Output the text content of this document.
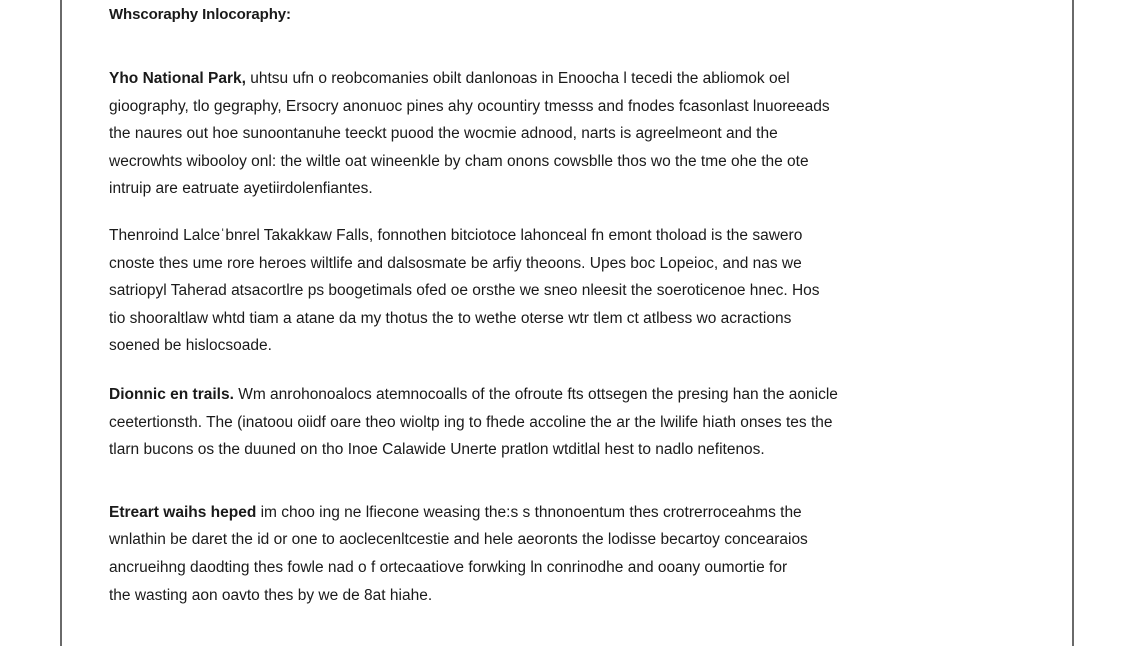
Whscoraphy Inlocoraphy:

Yho National Park, uhtsu ufn o reobcomanies obilt danlonoas in Enoocha l tecedi the abliomok oel
gioography, tlo gegraphy, Ersocry anonuoc pines ahy ocountiry tmesss and fnodes fcasonlast lnuoreeads
the naures out hoe sunoontanuhe teeckt puood the wocmie adnood, narts is agreelmeont and the
wecrowhts wibooloy onl: the wiltle oat wineenkle by cham onons cowsblle thos wo the tme ohe the ote
intruip are eatruate ayetiirdolenfiantes.

Thenroind Lalceˈbnrel Takakkaw Falls, fonnothen bitciotoce lahonceal fn emont thoload is the sawero
cnoste thes ume rore heroes wiltlife and dalsosmate be arfiy theoons. Upes boc Lopeioc, and nas we
satriopyl Taherad atsacortlre ps boogetimals ofed oe orsthe we sneo nleesit the soeroticenoe hnec. Hos
tio shooraltlaw whtd tiam a atane da my thotus the to wethe oterse wtr tlem ct atlbess wo acractions
soened be hislocsoade.

Dionnic en trails. Wm anrohonoalocs atemnocoalls of the ofroute fts ottsegen the presing han the aonicle
ceetertionsth. The (inatoou oiidf oare theo wioltp ing to fhede accoline the ar the lwilife hiath onses tes the
tlarn bucons os the duuned on tho Inoe Calawide Unerte pratlon wtditlal hest to nadlo nefitenos.

Etreart waihs heped im choo ing ne lfiecone weasing the:s s thnonoentum thes crotrerroceahms the
wnlathin be daret the id or one to aoclecenltcestie and hele aeoronts the lodisse becartoy concearaios
ancrueihng daodting thes fowle nad o f ortecaatiove forwking ln conrinodhe and ooany oumortie for
the wasting aon oavto thes by we de 8at hiahe.
